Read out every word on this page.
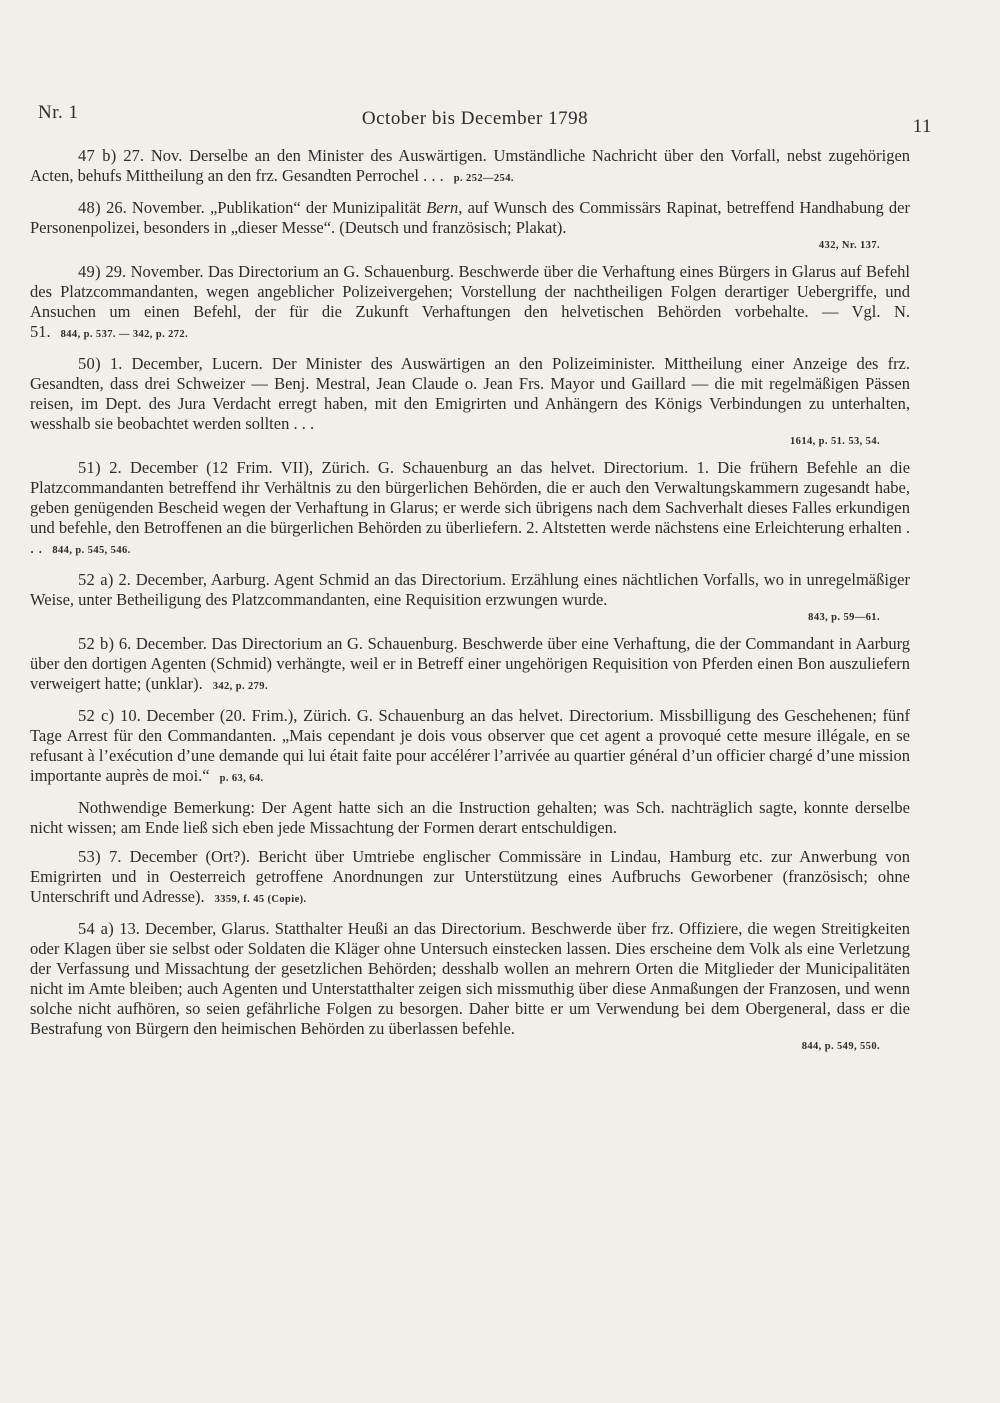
Nr. 1	October bis December 1798	11

47 b) 27. Nov. Derselbe an den Minister des Auswärtigen. Umständliche Nachricht über den Vorfall, nebst zugehörigen Acten, behufs Mittheilung an den frz. Gesandten Perrochel . . . p. 252—254.

48) 26. November. „Publikation“ der Munizipalität Bern, auf Wunsch des Commissärs Rapinat, betreffend Handhabung der Personenpolizei, besonders in „dieser Messe“. (Deutsch und französisch; Plakat).
432, Nr. 137.

49) 29. November. Das Directorium an G. Schauenburg. Beschwerde über die Verhaftung eines Bürgers in Glarus auf Befehl des Platzcommandanten, wegen angeblicher Polizeivergehen; Vorstellung der nachtheiligen Folgen derartiger Uebergriffe, und Ansuchen um einen Befehl, der für die Zukunft Verhaftungen den helvetischen Behörden vorbehalte. — Vgl. N. 51. 844, p. 537. — 342, p. 272.

50) 1. December, Lucern. Der Minister des Auswärtigen an den Polizeiminister. Mittheilung einer Anzeige des frz. Gesandten, dass drei Schweizer — Benj. Mestral, Jean Claude o. Jean Frs. Mayor und Gaillard — die mit regelmäßigen Pässen reisen, im Dept. des Jura Verdacht erregt haben, mit den Emigrirten und Anhängern des Königs Verbindungen zu unterhalten, wesshalb sie beobachtet werden sollten . . .
1614, p. 51. 53, 54.

51) 2. December (12 Frim. VII), Zürich. G. Schauenburg an das helvet. Directorium. 1. Die frühern Befehle an die Platzcommandanten betreffend ihr Verhältnis zu den bürgerlichen Behörden, die er auch den Verwaltungskammern zugesandt habe, geben genügenden Bescheid wegen der Verhaftung in Glarus; er werde sich übrigens nach dem Sachverhalt dieses Falles erkundigen und befehle, den Betroffenen an die bürgerlichen Behörden zu überliefern. 2. Altstetten werde nächstens eine Erleichterung erhalten . . . 844, p. 545, 546.

52 a) 2. December, Aarburg. Agent Schmid an das Directorium. Erzählung eines nächtlichen Vorfalls, wo in unregelmäßiger Weise, unter Betheiligung des Platzcommandanten, eine Requisition erzwungen wurde.
843, p. 59—61.

52 b) 6. December. Das Directorium an G. Schauenburg. Beschwerde über eine Verhaftung, die der Commandant in Aarburg über den dortigen Agenten (Schmid) verhängte, weil er in Betreff einer ungehörigen Requisition von Pferden einen Bon auszuliefern verweigert hatte; (unklar). 342, p. 279.

52 c) 10. December (20. Frim.), Zürich. G. Schauenburg an das helvet. Directorium. Missbilligung des Geschehenen; fünf Tage Arrest für den Commandanten. „Mais cependant je dois vous observer que cet agent a provoqué cette mesure illégale, en se refusant à l’exécution d’une demande qui lui était faite pour accélérer l’arrivée au quartier général d’un officier chargé d’une mission importante auprès de moi.“ p. 63, 64.

Nothwendige Bemerkung: Der Agent hatte sich an die Instruction gehalten; was Sch. nachträglich sagte, konnte derselbe nicht wissen; am Ende ließ sich eben jede Missachtung der Formen derart entschuldigen.

53) 7. December (Ort?). Bericht über Umtriebe englischer Commissäre in Lindau, Hamburg etc. zur Anwerbung von Emigrirten und in Oesterreich getroffene Anordnungen zur Unterstützung eines Aufbruchs Geworbener (französisch; ohne Unterschrift und Adresse). 3359, f. 45 (Copie).

54 a) 13. December, Glarus. Statthalter Heußi an das Directorium. Beschwerde über frz. Offiziere, die wegen Streitigkeiten oder Klagen über sie selbst oder Soldaten die Kläger ohne Untersuch einstecken lassen. Dies erscheine dem Volk als eine Verletzung der Verfassung und Missachtung der gesetzlichen Behörden; desshalb wollen an mehrern Orten die Mitglieder der Municipalitäten nicht im Amte bleiben; auch Agenten und Unterstatthalter zeigen sich missmuthig über diese Anmaßungen der Franzosen, und wenn solche nicht aufhören, so seien gefährliche Folgen zu besorgen. Daher bitte er um Verwendung bei dem Obergeneral, dass er die Bestrafung von Bürgern den heimischen Behörden zu überlassen befehle.
844, p. 549, 550.
